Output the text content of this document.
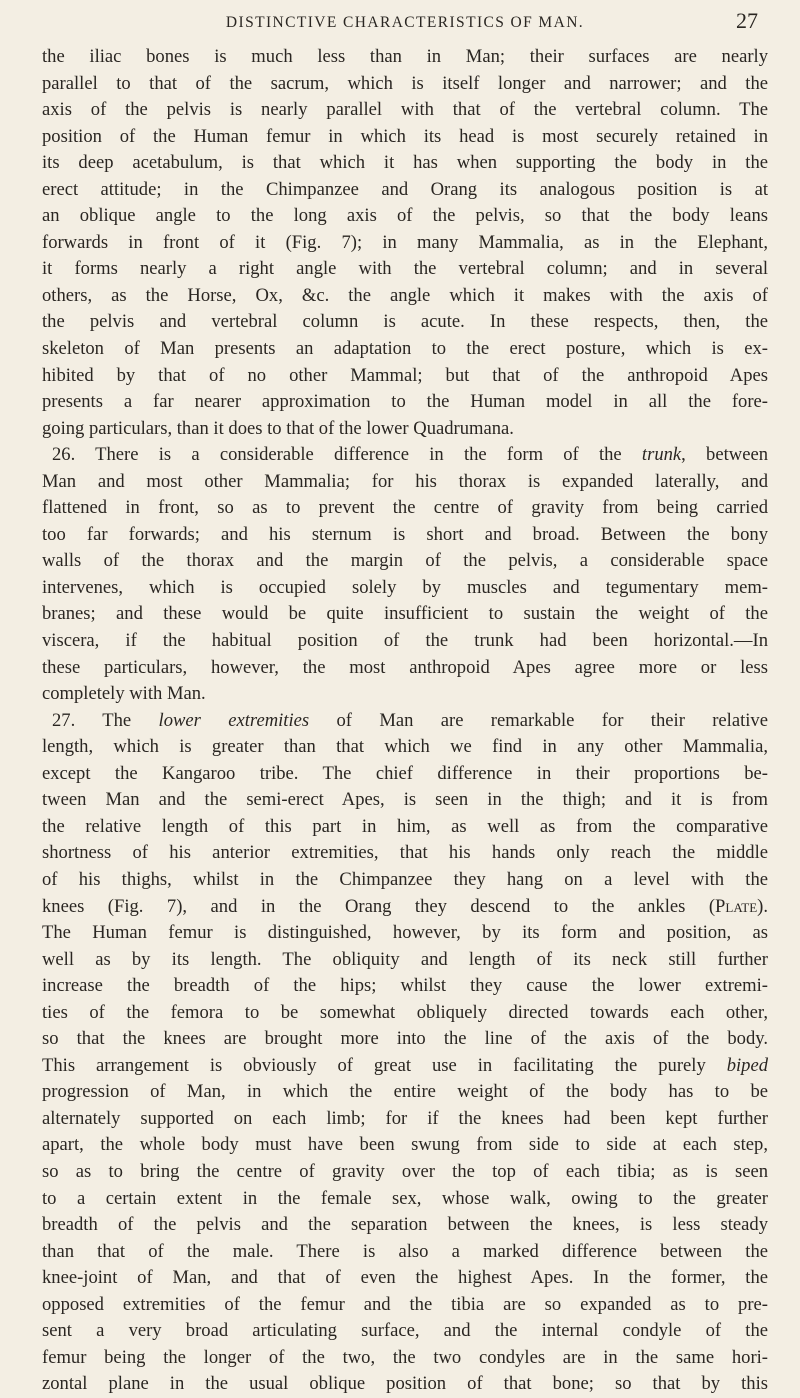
DISTINCTIVE CHARACTERISTICS OF MAN.	27
the iliac bones is much less than in Man; their surfaces are nearly
parallel to that of the sacrum, which is itself longer and narrower; and the
axis of the pelvis is nearly parallel with that of the vertebral column. The
position of the Human femur in which its head is most securely retained in
its deep acetabulum, is that which it has when supporting the body in the
erect attitude; in the Chimpanzee and Orang its analogous position is at
an oblique angle to the long axis of the pelvis, so that the body leans
forwards in front of it (Fig. 7); in many Mammalia, as in the Elephant,
it forms nearly a right angle with the vertebral column; and in several
others, as the Horse, Ox, &c. the angle which it makes with the axis of
the pelvis and vertebral column is acute. In these respects, then, the
skeleton of Man presents an adaptation to the erect posture, which is ex-
hibited by that of no other Mammal; but that of the anthropoid Apes
presents a far nearer approximation to the Human model in all the fore-
going particulars, than it does to that of the lower Quadrumana.
26. There is a considerable difference in the form of the trunk, between
Man and most other Mammalia; for his thorax is expanded laterally, and
flattened in front, so as to prevent the centre of gravity from being carried
too far forwards; and his sternum is short and broad. Between the bony
walls of the thorax and the margin of the pelvis, a considerable space
intervenes, which is occupied solely by muscles and tegumentary mem-
branes; and these would be quite insufficient to sustain the weight of the
viscera, if the habitual position of the trunk had been horizontal.—In
these particulars, however, the most anthropoid Apes agree more or less
completely with Man.
27. The lower extremities of Man are remarkable for their relative
length, which is greater than that which we find in any other Mammalia,
except the Kangaroo tribe. The chief difference in their proportions be-
tween Man and the semi-erect Apes, is seen in the thigh; and it is from
the relative length of this part in him, as well as from the comparative
shortness of his anterior extremities, that his hands only reach the middle
of his thighs, whilst in the Chimpanzee they hang on a level with the
knees (Fig. 7), and in the Orang they descend to the ankles (Plate).
The Human femur is distinguished, however, by its form and position, as
well as by its length. The obliquity and length of its neck still further
increase the breadth of the hips; whilst they cause the lower extremi-
ties of the femora to be somewhat obliquely directed towards each other,
so that the knees are brought more into the line of the axis of the body.
This arrangement is obviously of great use in facilitating the purely biped
progression of Man, in which the entire weight of the body has to be
alternately supported on each limb; for if the knees had been kept further
apart, the whole body must have been swung from side to side at each step,
so as to bring the centre of gravity over the top of each tibia; as is seen
to a certain extent in the female sex, whose walk, owing to the greater
breadth of the pelvis and the separation between the knees, is less steady
than that of the male. There is also a marked difference between the
knee-joint of Man, and that of even the highest Apes. In the former, the
opposed extremities of the femur and the tibia are so expanded as to pre-
sent a very broad articulating surface, and the internal condyle of the
femur being the longer of the two, the two condyles are in the same hori-
zontal plane in the usual oblique position of that bone; so that by this
